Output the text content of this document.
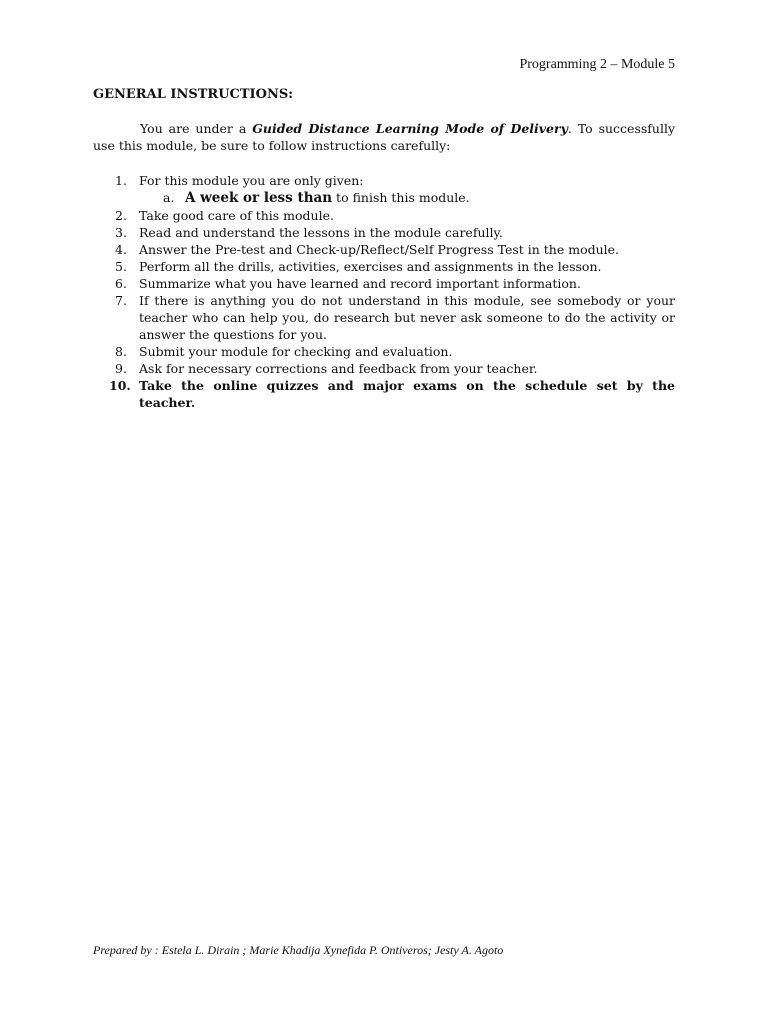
Programming 2 – Module 5
GENERAL INSTRUCTIONS:

You are under a Guided Distance Learning Mode of Delivery. To successfully use this module, be sure to follow instructions carefully:

1. For this module you are only given:
a. A week or less than to finish this module.
2. Take good care of this module.
3. Read and understand the lessons in the module carefully.
4. Answer the Pre-test and Check-up/Reflect/Self Progress Test in the module.
5. Perform all the drills, activities, exercises and assignments in the lesson.
6. Summarize what you have learned and record important information.
7. If there is anything you do not understand in this module, see somebody or your teacher who can help you, do research but never ask someone to do the activity or answer the questions for you.
8. Submit your module for checking and evaluation.
9. Ask for necessary corrections and feedback from your teacher.
10. Take the online quizzes and major exams on the schedule set by the teacher.
Prepared by : Estela L. Dirain ; Marie Khadija Xynefida P. Ontiveros; Jesty A. Agoto
